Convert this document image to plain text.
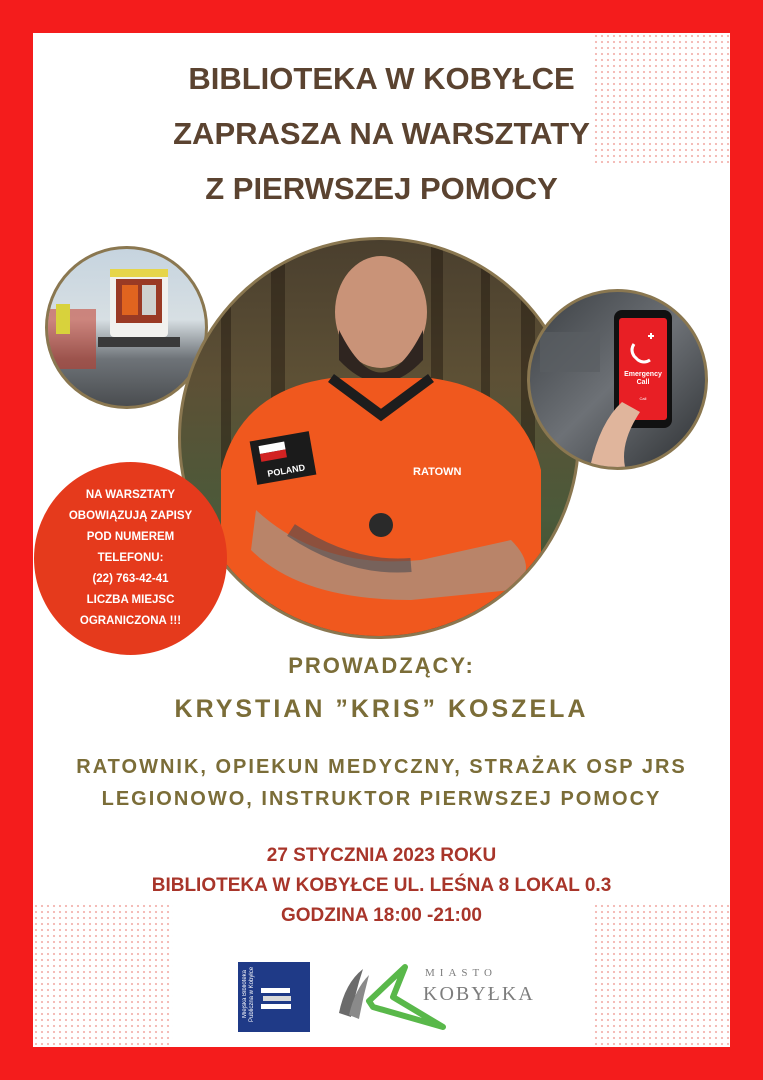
BIBLIOTEKA W KOBYŁCE
ZAPRASZA NA WARSZTATY
Z PIERWSZEJ POMOCY
POLAND	RATOWN
Emergency
Call
Call
NA WARSZTATY
OBOWIĄZUJĄ ZAPISY
POD NUMEREM
TELEFONU:
(22) 763-42-41
LICZBA MIEJSC
OGRANICZONA !!!
PROWADZĄCY:
KRYSTIAN ”KRIS” KOSZELA
RATOWNIK, OPIEKUN MEDYCZNY, STRAŻAK OSP JRS
LEGIONOWO, INSTRUKTOR PIERWSZEJ POMOCY
27 STYCZNIA 2023 ROKU
BIBLIOTEKA W KOBYŁCE UL. LEŚNA 8 LOKAL 0.3
GODZINA 18:00 -21:00
Miejska Biblioteka Publiczna w Kobyłce	MIASTO
KOBYŁKA
